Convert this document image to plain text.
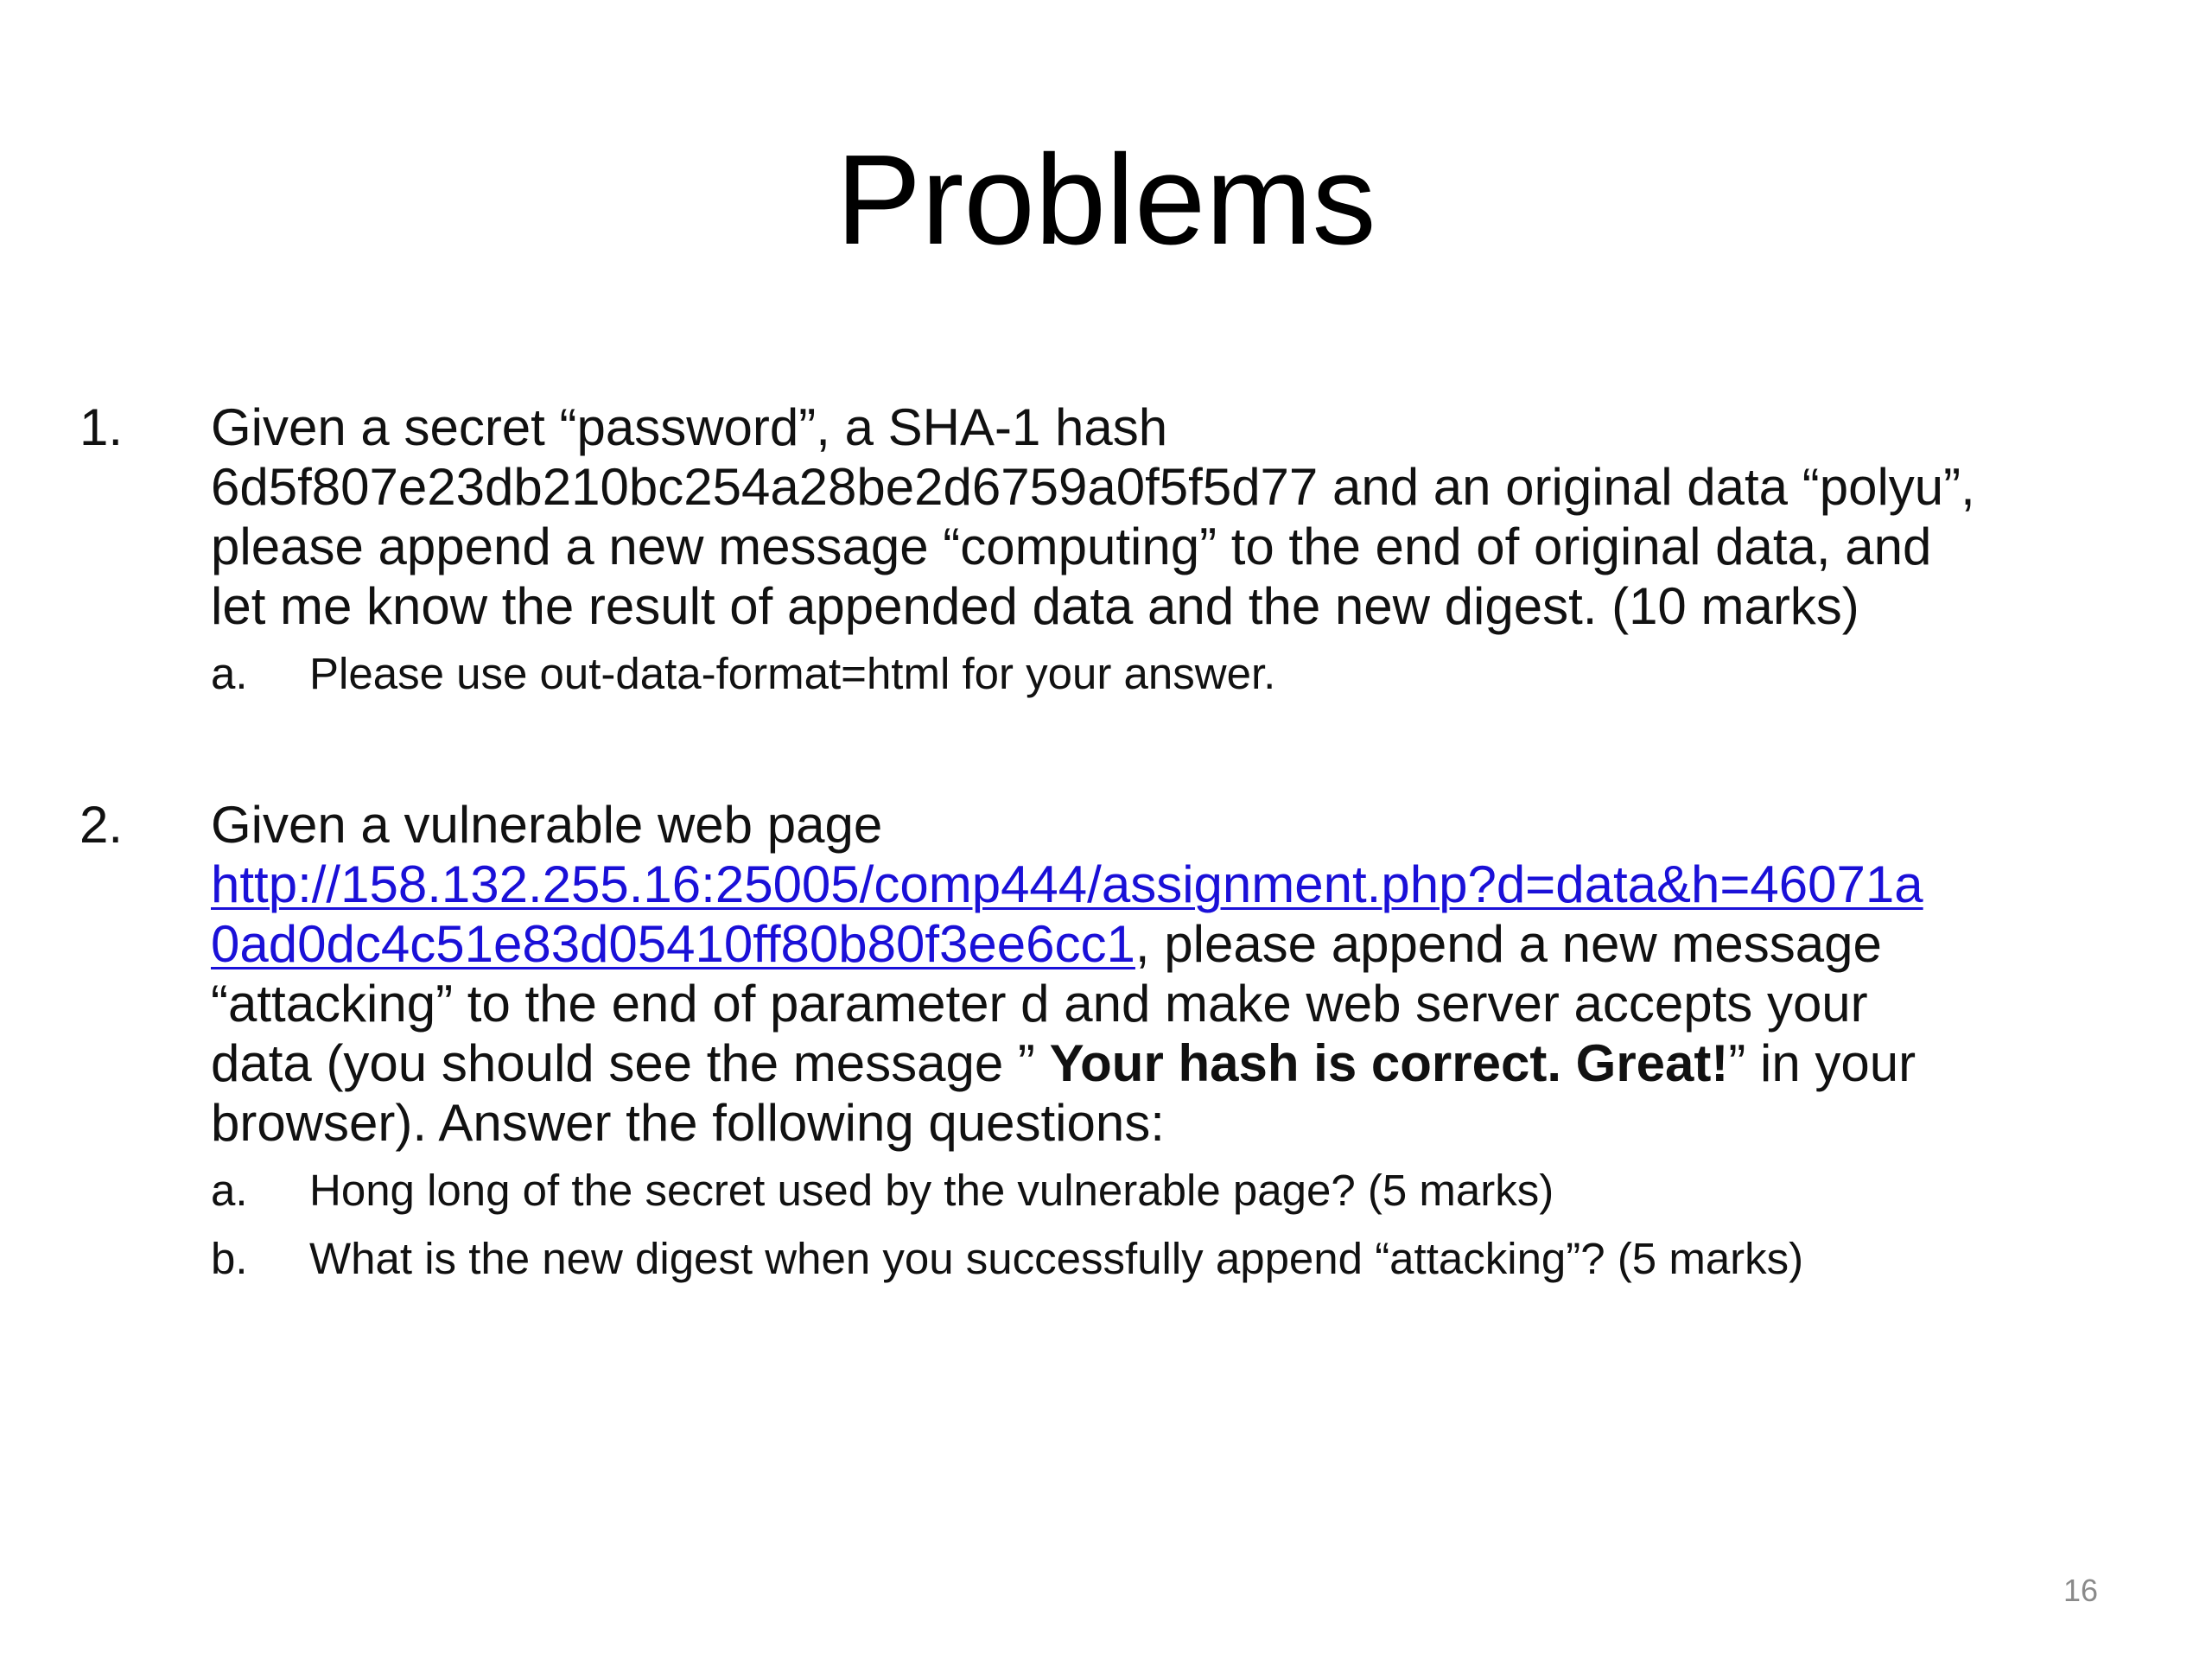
Problems
1. Given a secret “password”, a SHA-1 hash

6d5f807e23db210bc254a28be2d6759a0f5f5d77 and an original data “polyu”,

please append a new message “computing” to the end of original data, and

let me know the result of appended data and the new digest. (10 marks)

a. Please use out-data-format=html for your answer.
2. Given a vulnerable web page

http://158.132.255.16:25005/comp444/assignment.php?d=data&h=46071a

0ad0dc4c51e83d05410ff80b80f3ee6cc1, please append a new message

“attacking” to the end of parameter d and make web server accepts your

data (you should see the message ” Your hash is correct. Great!” in your

browser). Answer the following questions:

a. Hong long of the secret used by the vulnerable page? (5 marks)
b. What is the new digest when you successfully append “attacking”? (5 marks)
16
